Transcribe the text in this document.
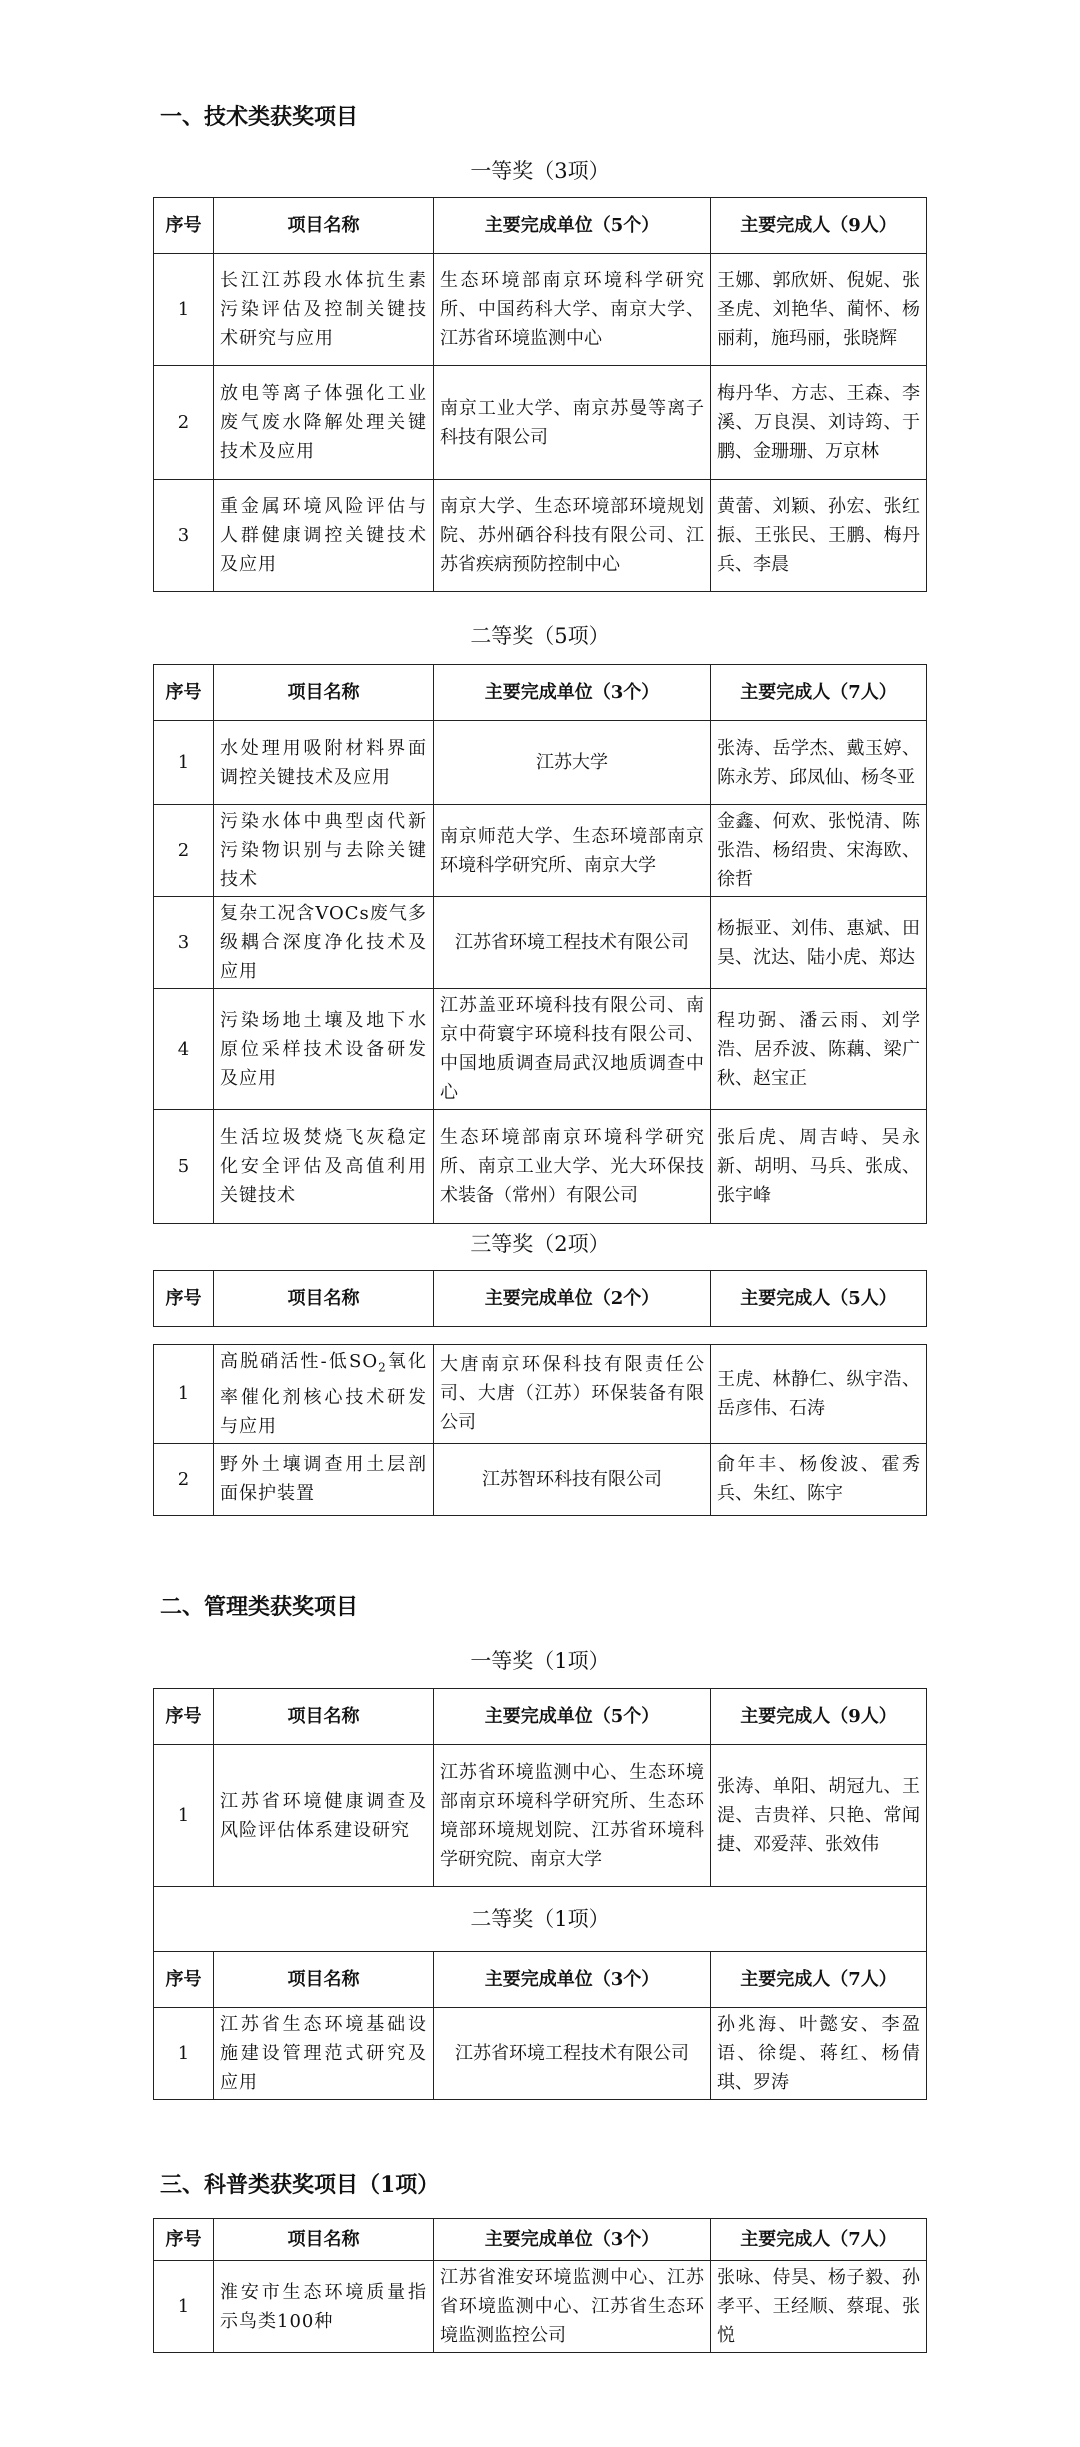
一、技术类获奖项目

一等奖（3项）

序号	项目名称	主要完成单位（5个）	主要完成人（9人）
1	长江江苏段水体抗生素污染评估及控制关键技术研究与应用	生态环境部南京环境科学研究所、中国药科大学、南京大学、江苏省环境监测中心	王娜、郭欣妍、倪妮、张圣虎、刘艳华、蔺怀、杨丽莉，施玛丽，张晓辉
2	放电等离子体强化工业废气废水降解处理关键技术及应用	南京工业大学、南京苏曼等离子科技有限公司	梅丹华、方志、王森、李溪、万良淏、刘诗筠、于鹏、金珊珊、万京林
3	重金属环境风险评估与人群健康调控关键技术及应用	南京大学、生态环境部环境规划院、苏州硒谷科技有限公司、江苏省疾病预防控制中心	黄蕾、刘颖、孙宏、张红振、王张民、王鹏、梅丹兵、李晨

二等奖（5项）

序号	项目名称	主要完成单位（3个）	主要完成人（7人）
1	水处理用吸附材料界面调控关键技术及应用	江苏大学	张涛、岳学杰、戴玉婷、陈永芳、邱凤仙、杨冬亚
2	污染水体中典型卤代新污染物识别与去除关键技术	南京师范大学、生态环境部南京环境科学研究所、南京大学	金鑫、何欢、张悦清、陈张浩、杨绍贵、宋海欧、徐哲
3	复杂工况含VOCs废气多级耦合深度净化技术及应用	江苏省环境工程技术有限公司	杨振亚、刘伟、惠斌、田昊、沈达、陆小虎、郑达
4	污染场地土壤及地下水原位采样技术设备研发及应用	江苏盖亚环境科技有限公司、南京中荷寰宇环境科技有限公司、中国地质调查局武汉地质调查中心	程功弼、潘云雨、刘学浩、居乔波、陈藕、梁广秋、赵宝正
5	生活垃圾焚烧飞灰稳定化安全评估及高值利用关键技术	生态环境部南京环境科学研究所、南京工业大学、光大环保技术装备（常州）有限公司	张后虎、周吉峙、吴永新、胡明、马兵、张成、张宇峰

三等奖（2项）

序号	项目名称	主要完成单位（2个）	主要完成人（5人）
1	高脱硝活性-低$SO_2$氧化率催化剂核心技术研发与应用	大唐南京环保科技有限责任公司、大唐（江苏）环保装备有限公司	王虎、林静仁、纵宇浩、岳彦伟、石涛
2	野外土壤调查用土层剖面保护装置	江苏智环科技有限公司	俞年丰、杨俊波、霍秀兵、朱红、陈宇
二、管理类获奖项目

一等奖（1项）

序号	项目名称	主要完成单位（5个）	主要完成人（9人）
1	江苏省环境健康调查及风险评估体系建设研究	江苏省环境监测中心、生态环境部南京环境科学研究所、生态环境部环境规划院、江苏省环境科学研究院、南京大学	张涛、单阳、胡冠九、王湜、吉贵祥、只艳、常闻捷、邓爱萍、张效伟
二等奖（1项）			
序号	项目名称	主要完成单位（3个）	主要完成人（7人）
1	江苏省生态环境基础设施建设管理范式研究及应用	江苏省环境工程技术有限公司	孙兆海、叶懿安、李盈语、徐缇、蒋红、杨倩琪、罗涛
三、科普类获奖项目（1项）
序号	项目名称	主要完成单位（3个）	主要完成人（7人）
1	淮安市生态环境质量指示鸟类100种	江苏省淮安环境监测中心、江苏省环境监测中心、江苏省生态环境监测监控公司	张咏、侍昊、杨子毅、孙孝平、王经顺、蔡琨、张悦
